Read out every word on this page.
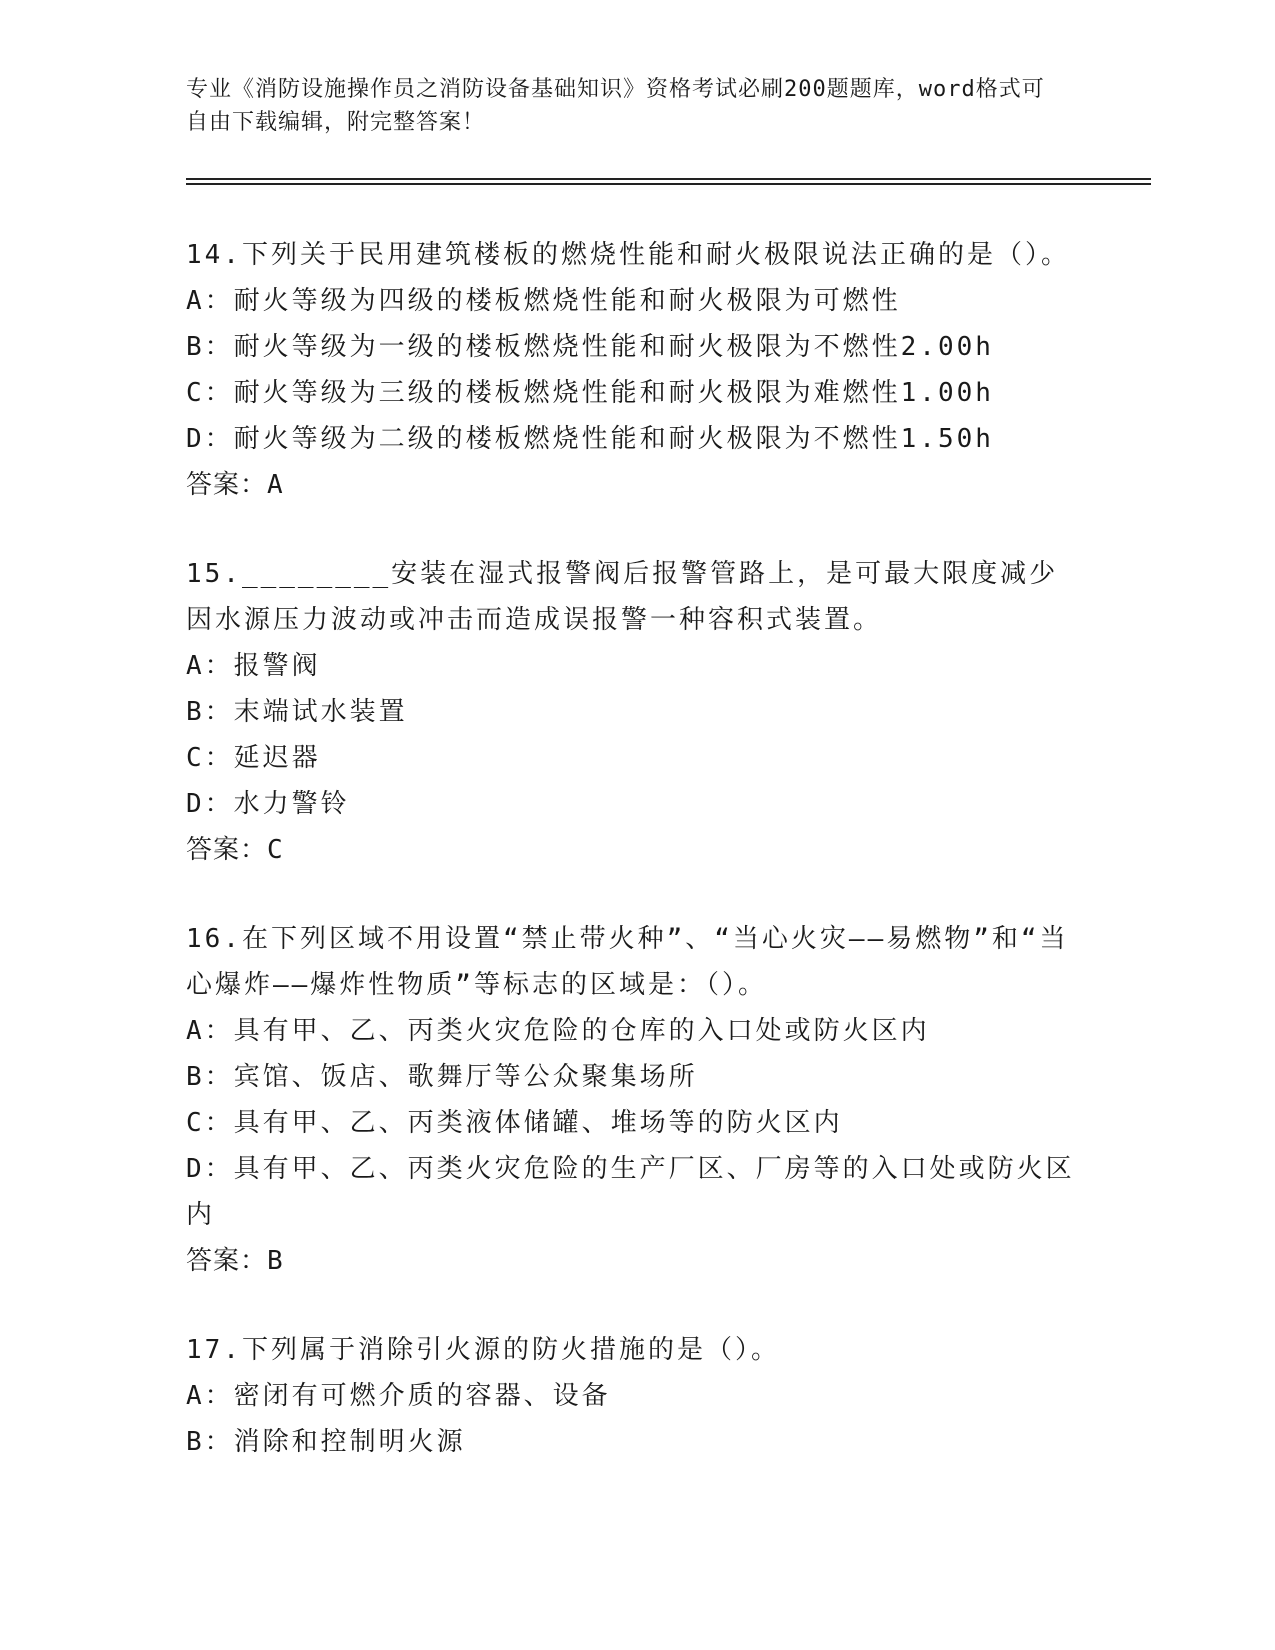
专业《消防设施操作员之消防设备基础知识》资格考试必刷200题题库，word格式可自由下载编辑，附完整答案！

14.下列关于民用建筑楼板的燃烧性能和耐火极限说法正确的是（）。

A：耐火等级为四级的楼板燃烧性能和耐火极限为可燃性

B：耐火等级为一级的楼板燃烧性能和耐火极限为不燃性2.00h

C：耐火等级为三级的楼板燃烧性能和耐火极限为难燃性1.00h

D：耐火等级为二级的楼板燃烧性能和耐火极限为不燃性1.50h

答案：A

15.________安装在湿式报警阀后报警管路上，是可最大限度减少因水源压力波动或冲击而造成误报警一种容积式装置。

A：报警阀

B：末端试水装置

C：延迟器

D：水力警铃

答案：C

16.在下列区域不用设置“禁止带火种”、“当心火灾——易燃物”和“当心爆炸——爆炸性物质”等标志的区域是：（）。

A：具有甲、乙、丙类火灾危险的仓库的入口处或防火区内

B：宾馆、饭店、歌舞厅等公众聚集场所

C：具有甲、乙、丙类液体储罐、堆场等的防火区内

D：具有甲、乙、丙类火灾危险的生产厂区、厂房等的入口处或防火区内

答案：B

17.下列属于消除引火源的防火措施的是（）。

A：密闭有可燃介质的容器、设备

B：消除和控制明火源
